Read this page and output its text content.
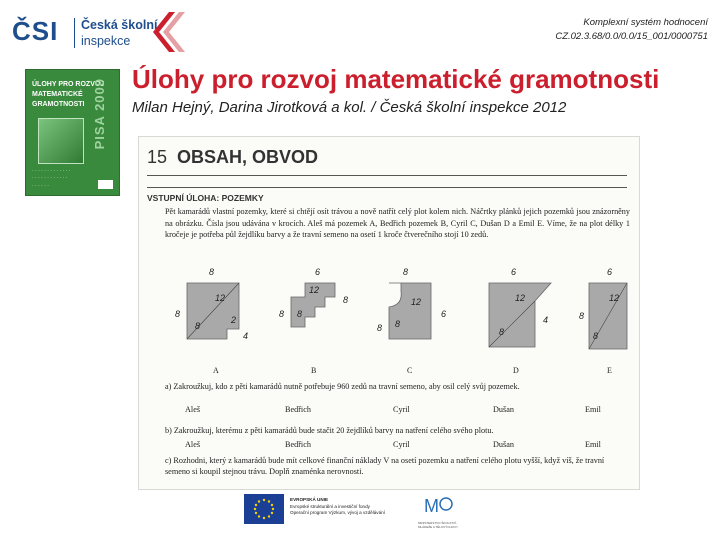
ČSI Česká školní
inspekce
Komplexní systém hodnocení
CZ.02.3.68/0.0/0.0/15_001/0000751
Úlohy pro rozvoj matematické gramotnosti
Milan Hejný, Darina Jirotková a kol. / Česká školní inspekce 2012
ÚLOHY PRO ROZVOJ
MATEMATICKÉ
GRAMOTNOSTI PISA 2009
· · · · · · · · · · · · ·
· · · · · · · · · · · ·
· · · · · ·
15 OBSAH, OBVOD
VSTUPNÍ ÚLOHA: POZEMKY
Pět kamarádů vlastní pozemky, které si chtějí osít trávou a nově natřít celý plot kolem nich. Náčrtky plánků jejich pozemků jsou znázorněny na obrázku. Čísla jsou udávána v krocích. Aleš má pozemek A, Bedřich pozemek B, Cyril C, Dušan D a Emil E. Víme, že na plot délky 1 kročeje je potřeba půl žejdlíku barvy a že travní semeno na osetí 1 kroče čtverečního stojí 10 zedů.
8
12
8
8
2
4
6
12
8
8
8
8
12
8
8
6
6
12
8
4
6
12
8
8
A	B	C	D	E
a) Zakroužkuj, kdo z pěti kamarádů nutně potřebuje 960 zedů na travní semeno, aby osil celý svůj pozemek.
Aleš	Bedřich	Cyril	Dušan	Emil
b) Zakroužkuj, kterému z pěti kamarádů bude stačit 20 žejdlíků barvy na natření celého svého plotu.
Aleš	Bedřich	Cyril	Dušan	Emil
c) Rozhodni, který z kamarádů bude mít celkové finanční náklady V na osetí pozemku a natření celého plotu vyšší, když víš, že travní semeno si koupil stejnou trávu. Doplň znaménka nerovnosti.
EVROPSKÁ UNIE
Evropské strukturální a investiční fondy
Operační program Výzkum, vývoj a vzdělávání M
MINISTERSTVO ŠKOLSTVÍ, MLÁDEŽE A TĚLOVÝCHOVY
